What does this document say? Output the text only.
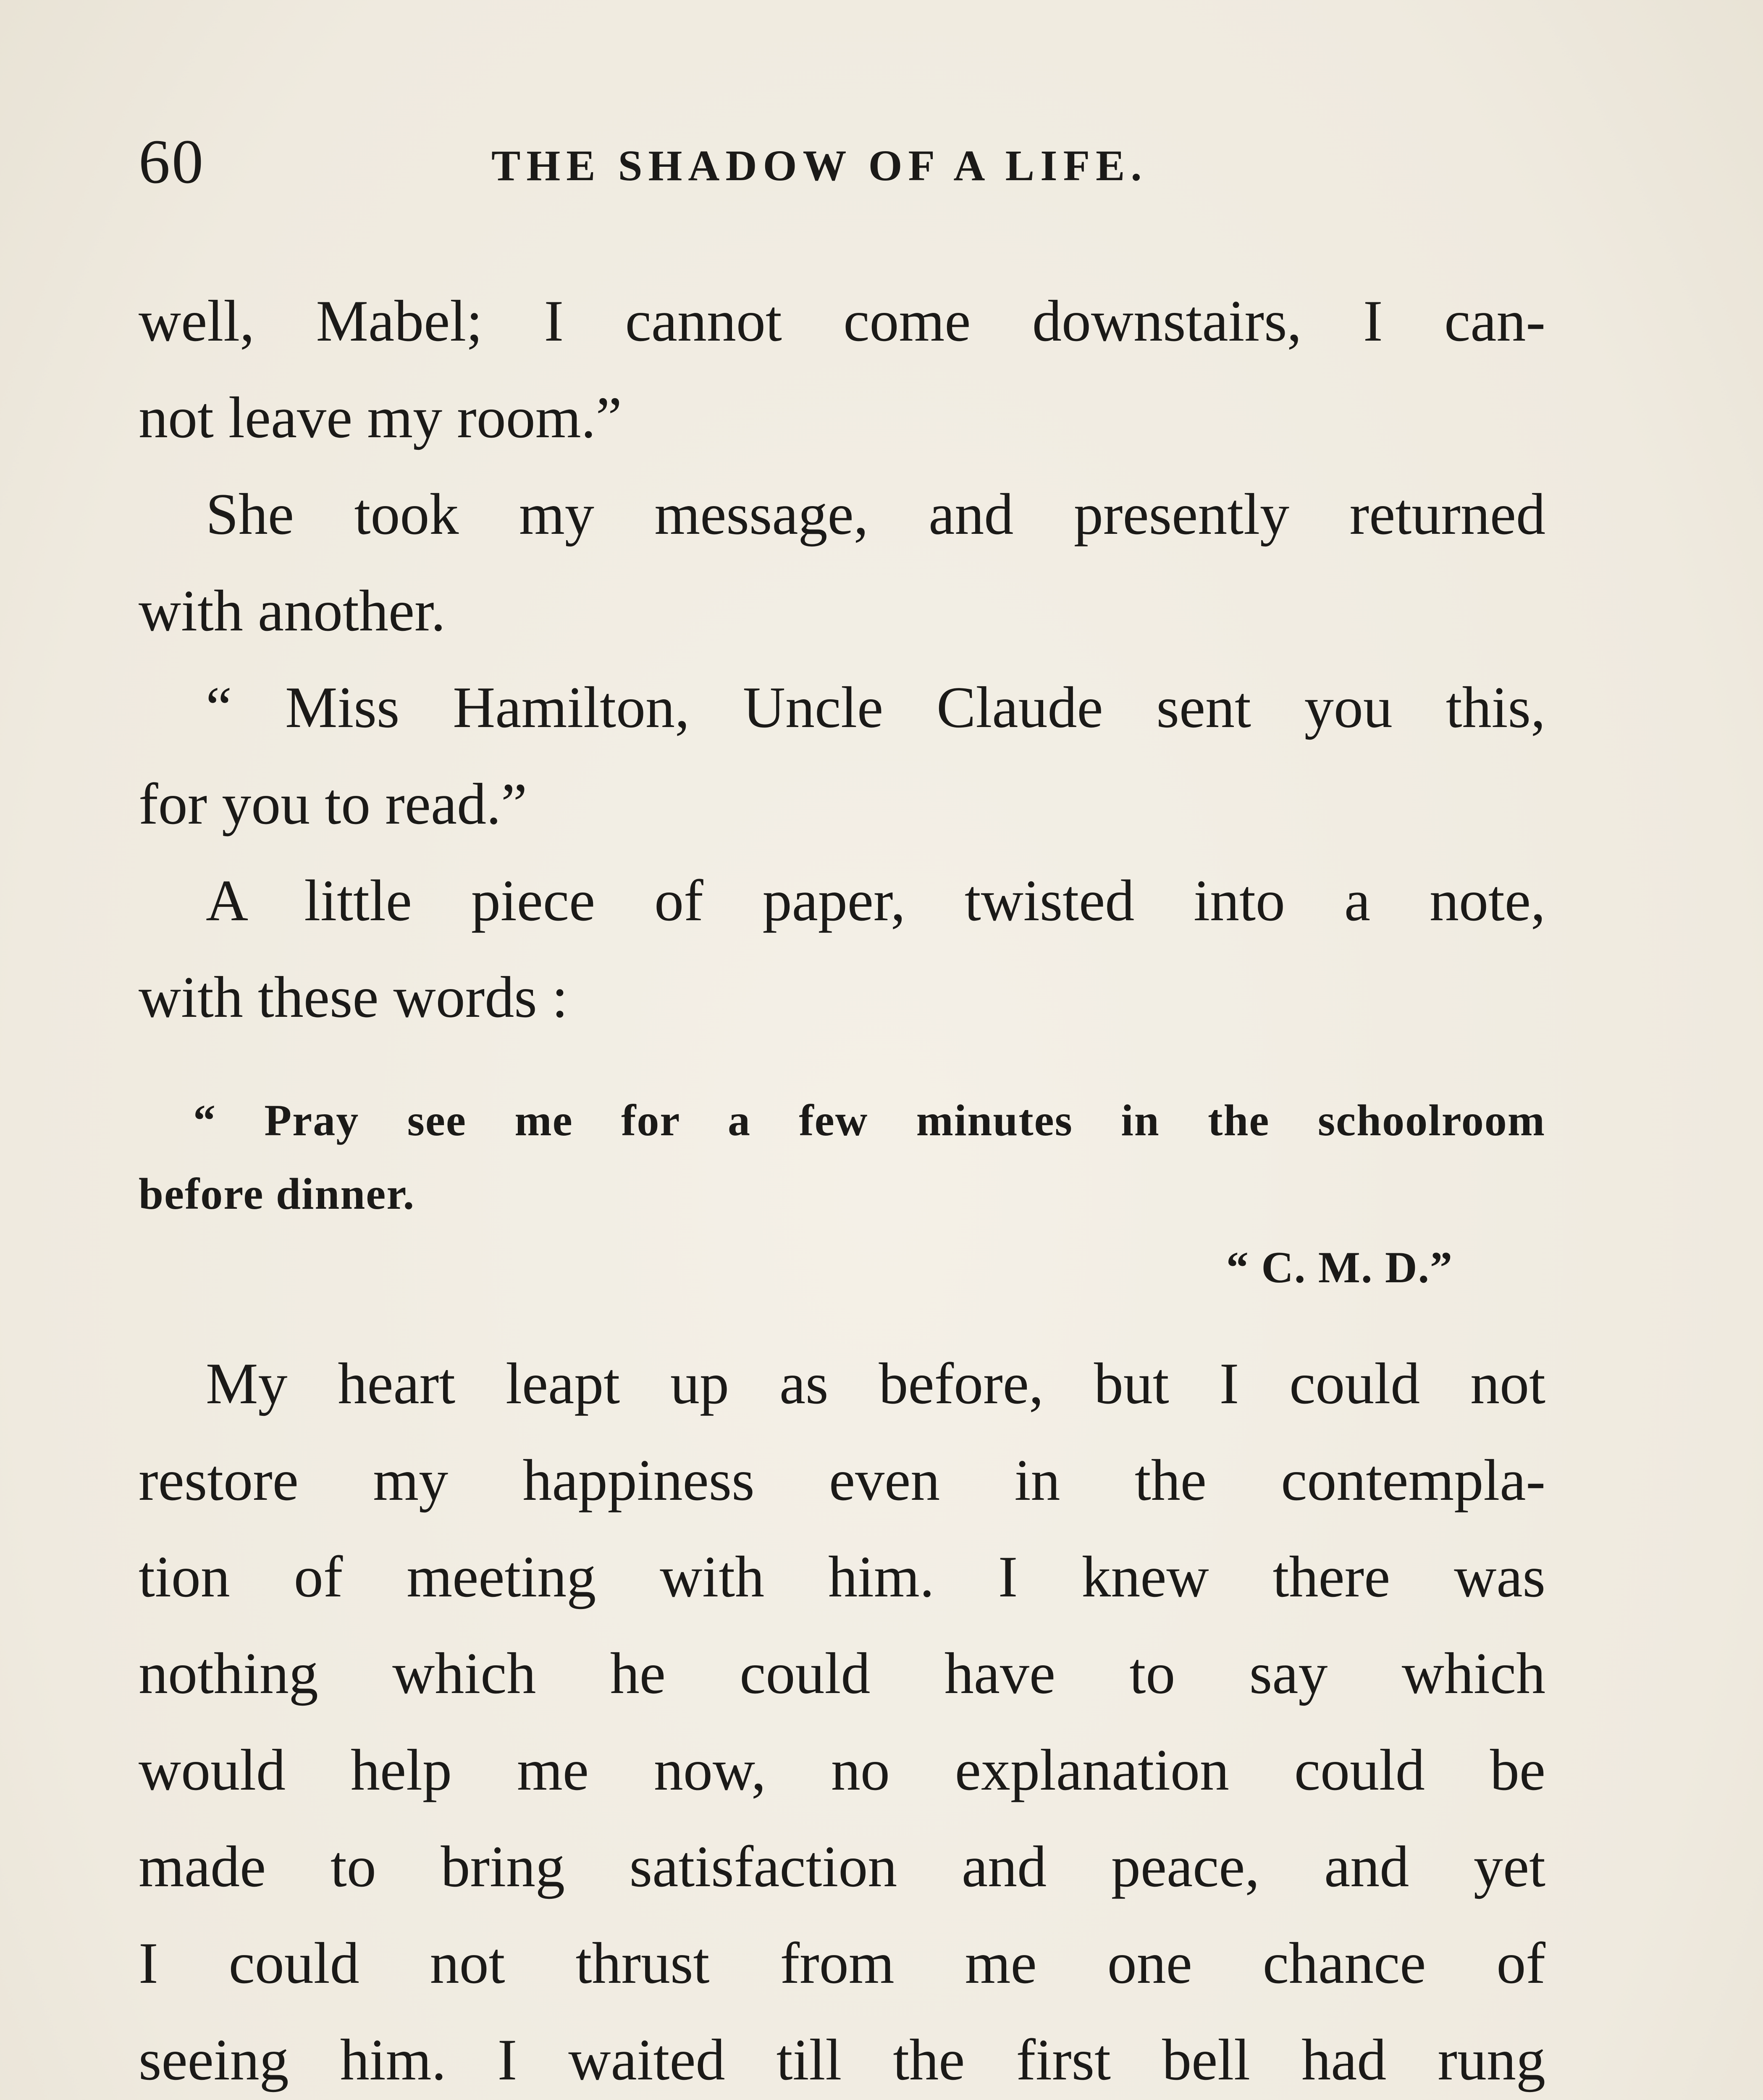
60	THE SHADOW OF A LIFE.
well, Mabel; I cannot come downstairs, I can-
not leave my room.”
She took my message, and presently returned
with another.
“ Miss Hamilton, Uncle Claude sent you this,
for you to read.”
A little piece of paper, twisted into a note,
with these words :
“ Pray see me for a few minutes in the schoolroom
before dinner.
“ C. M. D.”
My heart leapt up as before, but I could not
restore my happiness even in the contempla-
tion of meeting with him. I knew there was
nothing which he could have to say which
would help me now, no explanation could be
made to bring satisfaction and peace, and yet
I could not thrust from me one chance of
seeing him. I waited till the first bell had rung
